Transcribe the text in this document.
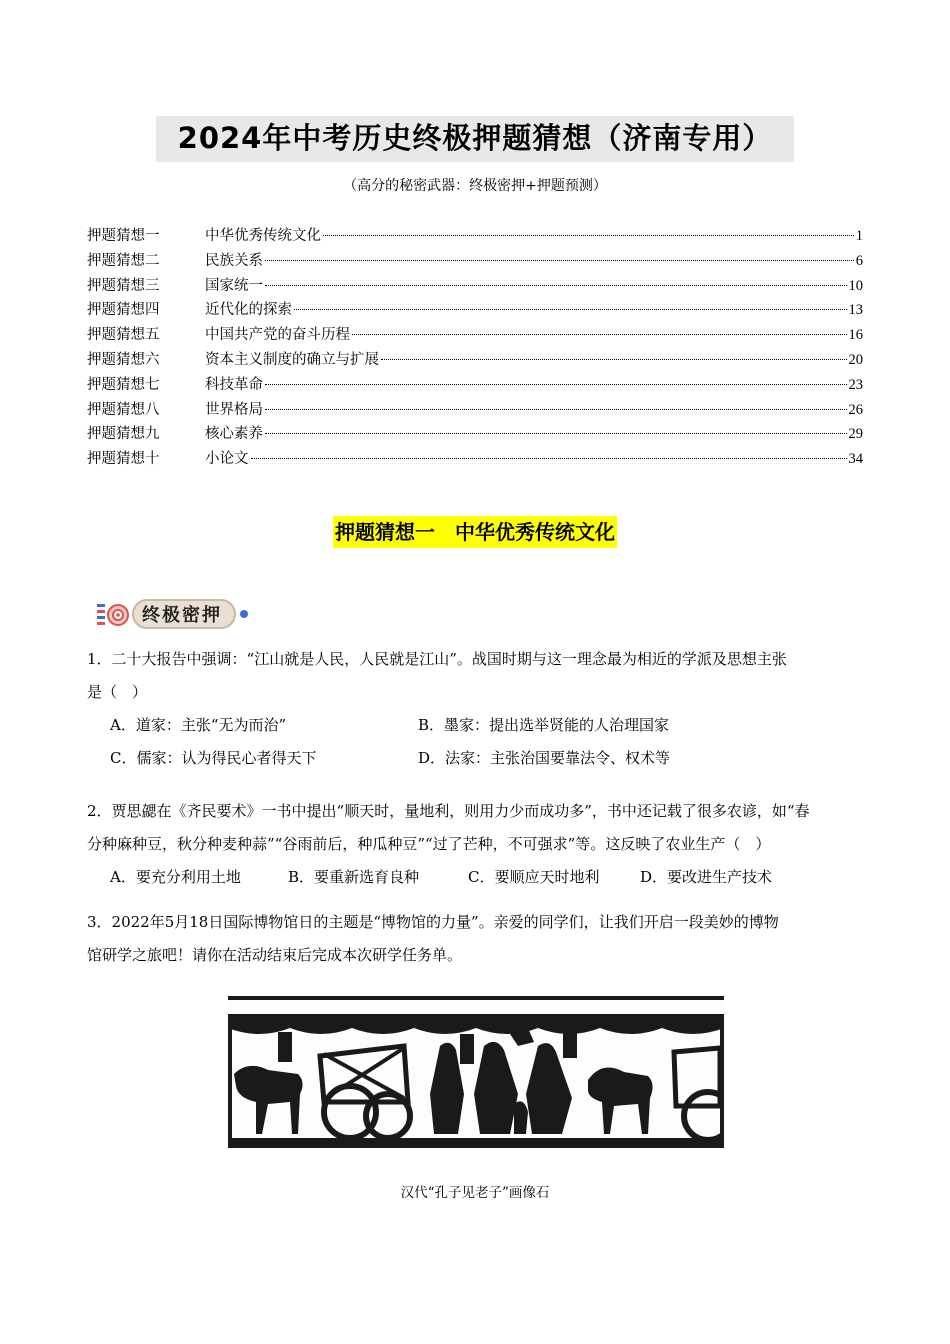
2024年中考历史终极押题猜想（济南专用）
（高分的秘密武器：终极密押+押题预测）
押题猜想一	中华优秀传统文化	1
押题猜想二	民族关系	6
押题猜想三	国家统一	10
押题猜想四	近代化的探索	13
押题猜想五	中国共产党的奋斗历程	16
押题猜想六	资本主义制度的确立与扩展	20
押题猜想七	科技革命	23
押题猜想八	世界格局	26
押题猜想九	核心素养	29
押题猜想十	小论文	34
押题猜想一　中华优秀传统文化
终极密押
1．二十大报告中强调：“江山就是人民，人民就是江山”。战国时期与这一理念最为相近的学派及思想主张
是（　）
A．道家：主张“无为而治”	B．墨家：提出选举贤能的人治理国家
C．儒家：认为得民心者得天下	D．法家：主张治国要靠法令、权术等
2．贾思勰在《齐民要术》一书中提出“顺天时，量地利，则用力少而成功多”，书中还记载了很多农谚，如“春
分种麻种豆，秋分种麦种蒜”“谷雨前后，种瓜种豆”“过了芒种，不可强求”等。这反映了农业生产（　）
A．要充分利用土地	B．要重新选育良种	C．要顺应天时地利	D．要改进生产技术
3．2022年5月18日国际博物馆日的主题是“博物馆的力量”。亲爱的同学们，让我们开启一段美妙的博物
馆研学之旅吧！请你在活动结束后完成本次研学任务单。
汉代“孔子见老子”画像石
